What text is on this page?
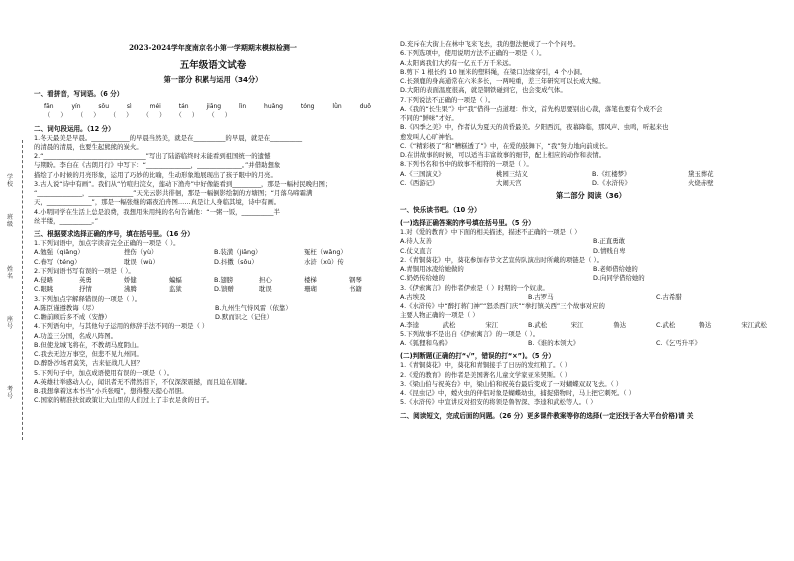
学校
班级
姓名
座号
考号
2023-2024学年度南京名小第一学期期末模拟检测一
五年级语文试卷
第一部分 积累与运用（34分）
一、看拼音，写词语。（6 分）
fān yín sōu sì méi tán jiāng lìn huǎng tóng lǜn duō
（ ） （ ） （ ） （ ） （ ） （ ）
二、词句段运用。（12 分）
1.冬天最美是早晨。____________的早晨当然美，就是在__________的早晨，就是在__________
的清晨的清晨，也要生起熊熊的炭火。
2.“________________________________”写出了陆游临终时未能看到祖国统一的遗憾
与期盼。李白在《古朗月行》中写下：“______________，______________。”并借助想象
描绘了小时候的月亮形象，运用了巧妙的比喻，生动形象地展现出了孩子眼中的月亮。
3.古人说“诗中有画”。我们从“竹喧归浣女，莲动下渔舟”中好像能看到_________，那是一幅村民晚归图；
“______________，______________”天光云影共徘徊，那是一幅倒影绘制的方塘图；“月落乌啼霜满
天，______________”，那是一幅张继的霜夜泊舟图……真是让人身临其境，诗中有画。
4.小明同学在生活上总是浪费，我想用朱用纯的名句告诫他：“一粥一饭，__________半
丝半缕，__________。”
三、根据要求选择正确的序号，填在括号里。（16 分）
1.下列词语中，加点字读音完全正确的一项是（ ）。
A.勉强（qiǎng）	挫伤（yù）	B.装潢（jiāng）	冤枉（wǎng）
C.眷写（téng）	耽误（wù）	D.抖擞（sǒu）	水浒（xǔ）传
2.下列词语书写有误的一项是（ ）。
A.侵略	英勇	娇健	蝙蝠	B.翅膀	担心	楼梯	钢琴
C.眼眺	抒情	沸腾	监狱	D.馈赠	耽误	珊瑚	书籍
3.下列加点字解释错误的一项是（ ）。
A.陈臣谨遵教诲（尽）	B.九州生气恃风雷（依靠）
C.瞻前顾后多不成（安静）	D.默而识之（记住）
4.下列语句中，与其他句子运用的修辞手法不同的一项是（ ）
A.功盖三分国，名成八阵图。
B.但使龙城飞将在，不教胡马度阴山。
C.我去无边万事空，但悲不见九州同。
D.醉卧沙场君莫笑，古来征战几人回？
5.下列句子中，加点成语使用有误的一项是（ ）。
A.英雄壮举感动人心，闻讯者无不潸然泪下，不仅深深震撼，而且迫在眉睫。
B.我想拿着这本书当“小兵张嘎”，想得整天提心吊胆。
C.国家的精准扶贫政策让大山里的人们过上了丰衣足食的日子。
D.充斥在大街上在林中飞来飞去，我的想法便成了一个个问号。
6.下列选项中，使用说明方法不正确的一项是（ ）。
A.太阳离我们大约有一亿五千万千米远。
B.剪下 1 根长约 10 厘米的塑料绳，在梁口边缘穿引，4 个小洞。
C.长颈鹿的身高通常在六米多长，一两吨重，差三年研究可以长成大鲸。
D.大阳的表面温度很高，就是钢铁碰到它，也会变成气体。
7.下列说法不正确的一项是（ ）。
A.《我的“长生果”》中“我”借得一点道理：作文，首先构思要别出心裁，落笔也要有个成不会
不同的“鲜味”才好。
B.《四季之美》中，作者认为夏天的黄昏最美。夕阳西沉，夜幕降临，那风声、虫鸣，听起来也
愈发叫人心旷神怡。
C.《“精彩极了”和“糟糕透了”》中，在爱的鼓舞下，“我”努力地向前成长。
D.在讲故事的时候，可以适当丰富故事的细节，配上相应的动作和表情。
8.下列书名和书中的故事不相符的一项是（ ）。
A.《三国演义》	桃园三结义	B.《红楼梦》	黛玉葬花
C.《西游记》	大闹天宫	D.《水浒传》	火烧赤壁
第二部分 阅读（36）
一、快乐读书吧。（10 分）
(一)选择正确答案的序号填在括号里。（5 分）
1.对《爱的教育》中下面的相关描述，描述不正确的一项是（ ）
A.待人友善	B.正直勇敢
C.仗义直言	D.情贱自卑
2.《青铜葵花》中，葵花参加春节文艺宣传队演出时所戴的项链是（ ）。
A.青铜用冰凌给她做的	B.老师借给她的
C.奶奶传给她的	D.向同学借给她的
3.《伊索寓言》的作者伊索是（ ）时期的一个奴隶。
A.古埃及	B.古罗马	C.古希腊
4.《水浒传》中“醉打蒋门神”“怒杀西门庆”“拳打镇关西”三个故事对应的
主要人物正确的一项是（ ）
A.李逵	武松	宋江	B.武松	宋江	鲁达	C.武松	鲁达	宋江武松
5.下列故事不是出自《伊索寓言》的一项是（ ）。
A.《狐狸和乌鸦》	B.《谁的本领大》	C.《乞丐升平》
(二)判断题(正确的打“√”，错误的打“×”)。（5 分）
1.《青铜葵花》中，葵花和青铜接手了日历的发红粮了。（ ）
2.《爱的教育》的作者是美国著名儿童文学家亚米契斯。（ ）
3.《梁山伯与祝英台》中，梁山伯和祝英台最后变成了一对蝴蝶双双飞去。（ ）
4.《昆虫记》中，螳火虫的伴侣对象是蝴蝶幼虫，捕捉猎物时，马上把它刺死。（ ）
5.《水浒传》中宣讲反对招安的将领是鲁智深、李逵和武松等人。（ ）
二、阅读短文，完成后面的问题。（26 分）更多课件教案等你的选择(一定还找于各大平台价格)请 关
